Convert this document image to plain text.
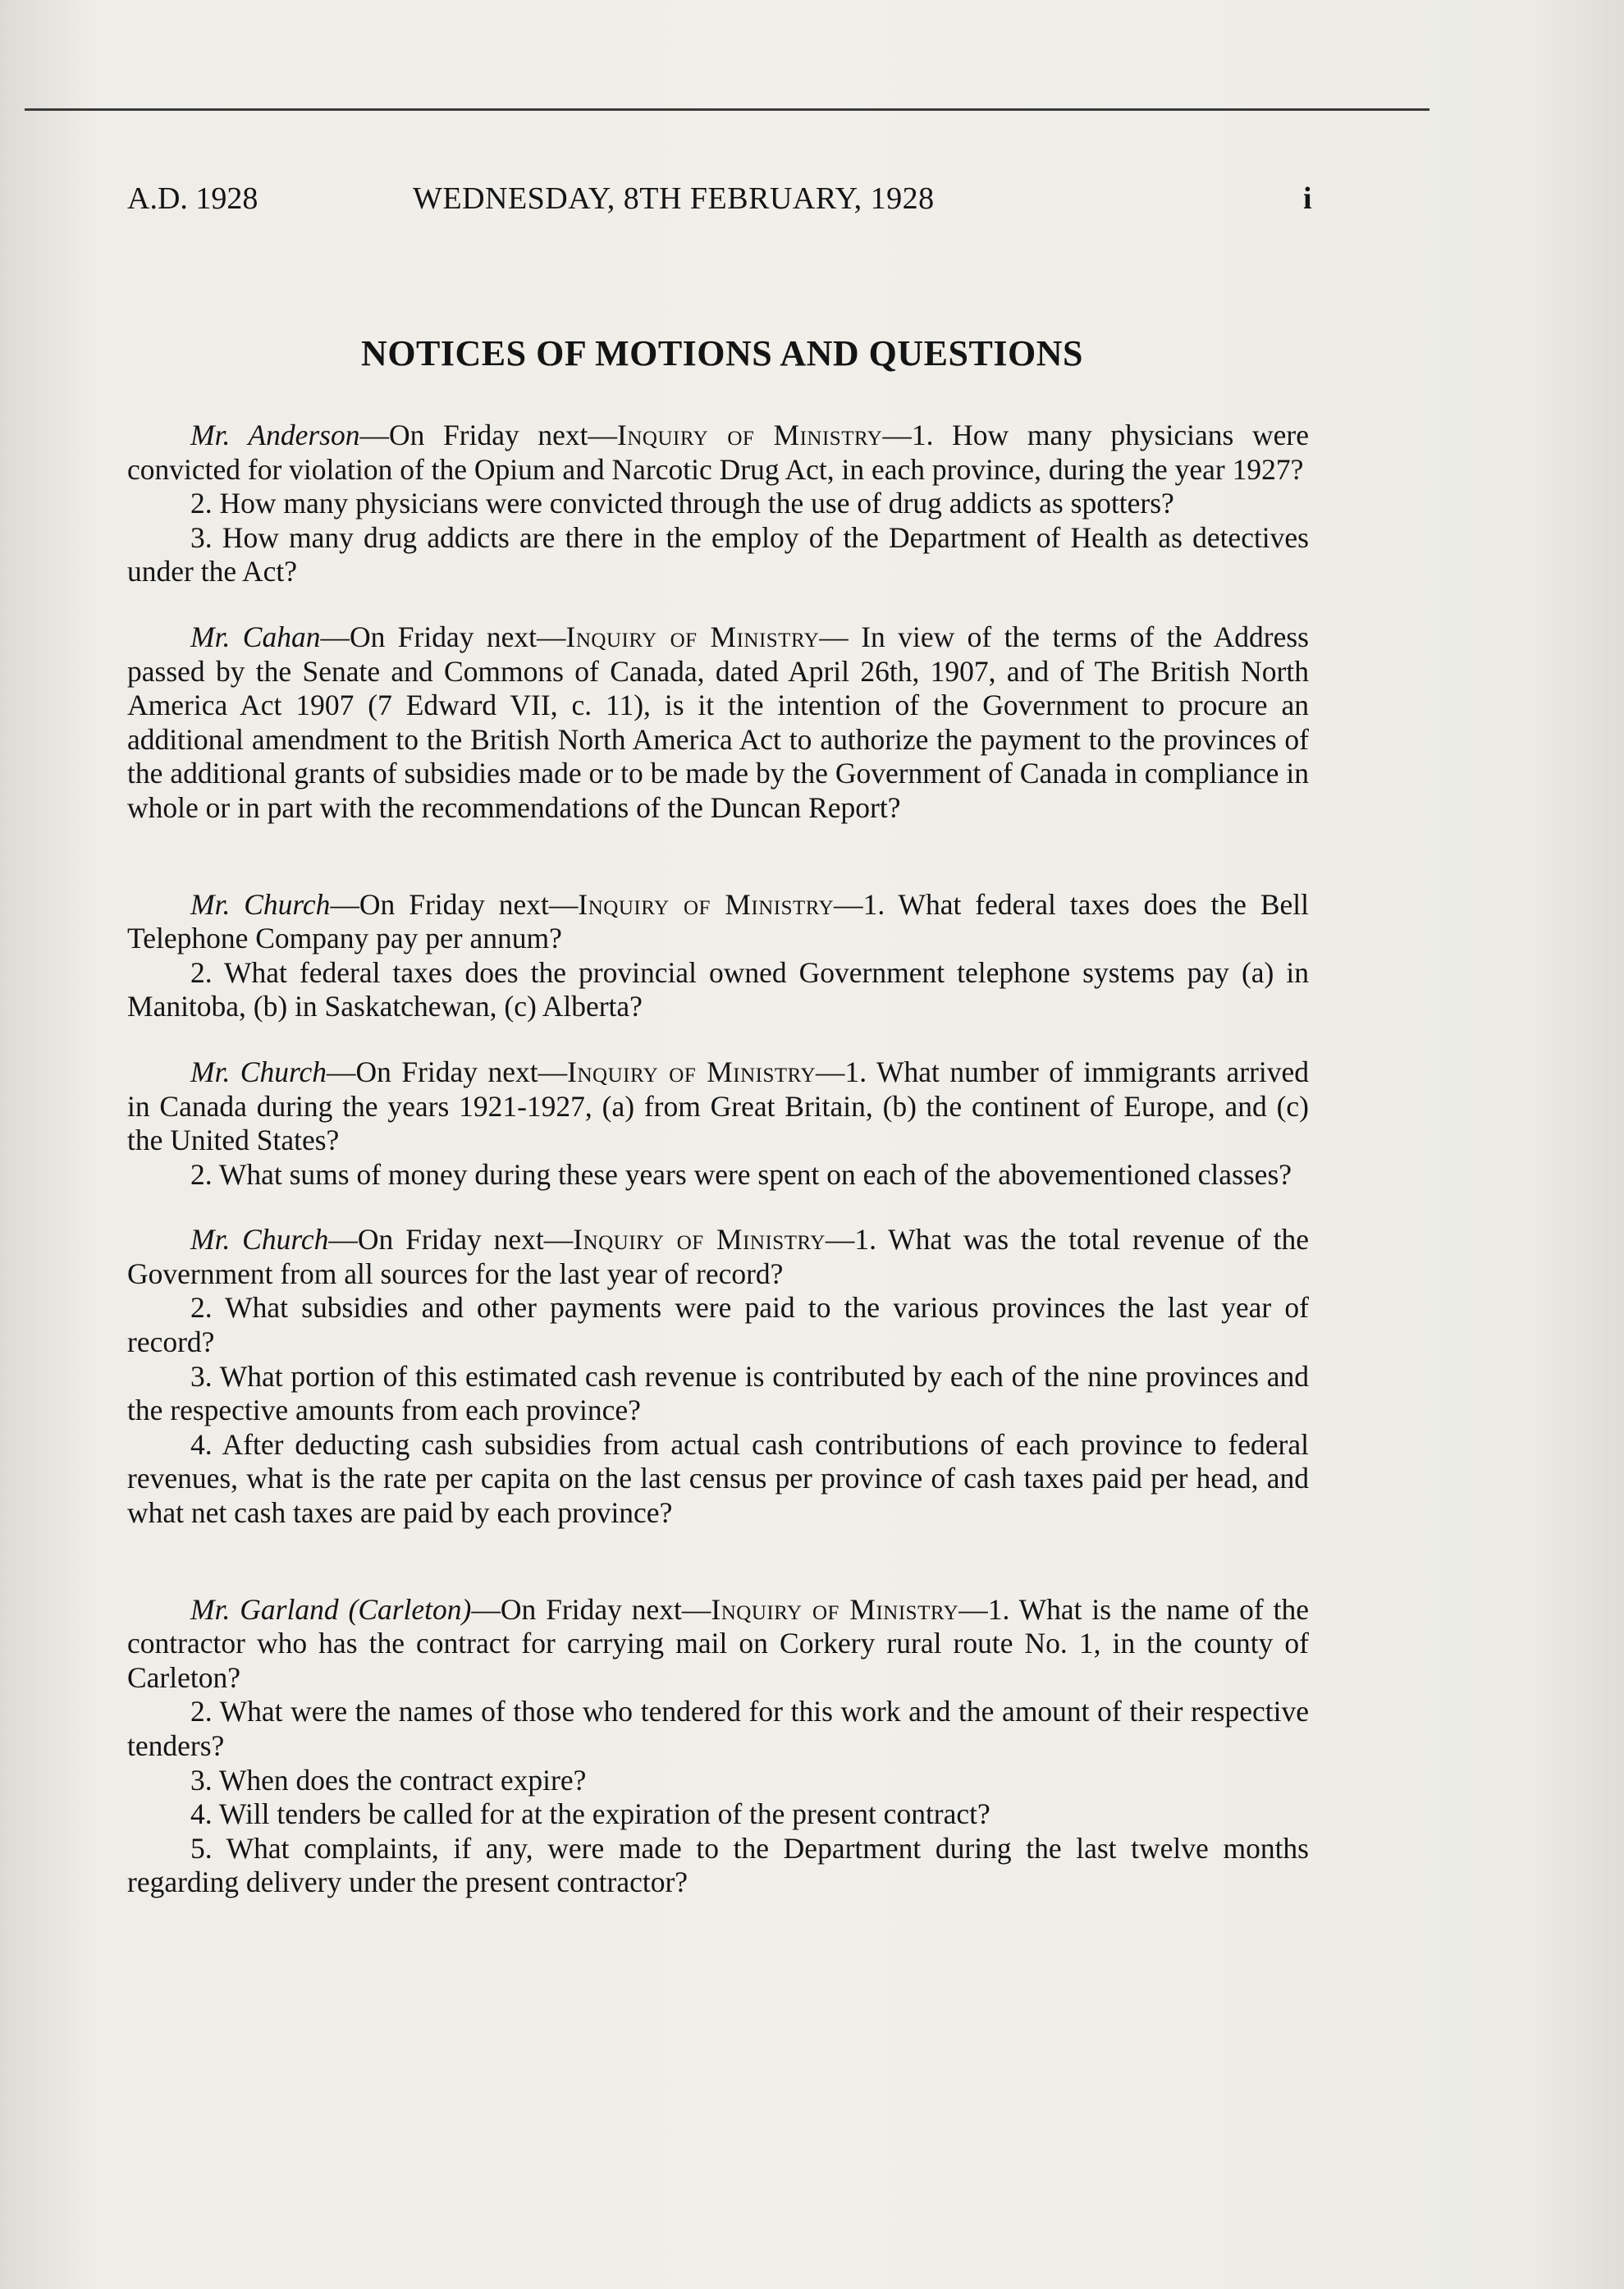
A.D. 1928	WEDNESDAY, 8TH FEBRUARY, 1928	i
NOTICES OF MOTIONS AND QUESTIONS

Mr. Anderson—On Friday next—Inquiry of Ministry—1. How many physicians were convicted for violation of the Opium and Narcotic Drug Act, in each province, during the year 1927?

2. How many physicians were convicted through the use of drug addicts as spotters?

3. How many drug addicts are there in the employ of the Department of Health as detectives under the Act?

Mr. Cahan—On Friday next—Inquiry of Ministry— In view of the terms of the Address passed by the Senate and Commons of Canada, dated April 26th, 1907, and of The British North America Act 1907 (7 Edward VII, c. 11), is it the intention of the Government to procure an additional amendment to the British North America Act to authorize the payment to the provinces of the additional grants of subsidies made or to be made by the Government of Canada in compliance in whole or in part with the recommendations of the Duncan Report?

Mr. Church—On Friday next—Inquiry of Ministry—1. What federal taxes does the Bell Telephone Company pay per annum?

2. What federal taxes does the provincial owned Government telephone systems pay (a) in Manitoba, (b) in Saskatchewan, (c) Alberta?

Mr. Church—On Friday next—Inquiry of Ministry—1. What number of immigrants arrived in Canada during the years 1921-1927, (a) from Great Britain, (b) the continent of Europe, and (c) the United States?

2. What sums of money during these years were spent on each of the abovementioned classes?

Mr. Church—On Friday next—Inquiry of Ministry—1. What was the total revenue of the Government from all sources for the last year of record?

2. What subsidies and other payments were paid to the various provinces the last year of record?

3. What portion of this estimated cash revenue is contributed by each of the nine provinces and the respective amounts from each province?

4. After deducting cash subsidies from actual cash contributions of each province to federal revenues, what is the rate per capita on the last census per province of cash taxes paid per head, and what net cash taxes are paid by each province?

Mr. Garland (Carleton)—On Friday next—Inquiry of Ministry—1. What is the name of the contractor who has the contract for carrying mail on Corkery rural route No. 1, in the county of Carleton?

2. What were the names of those who tendered for this work and the amount of their respective tenders?

3. When does the contract expire?

4. Will tenders be called for at the expiration of the present contract?

5. What complaints, if any, were made to the Department during the last twelve months regarding delivery under the present contractor?
